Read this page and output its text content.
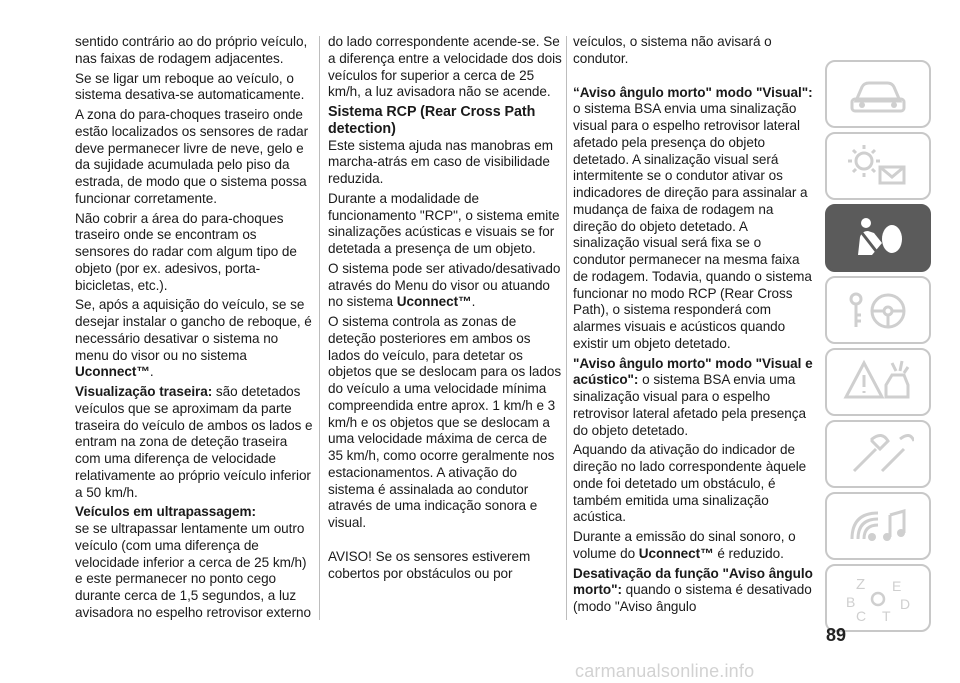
sentido contrário ao do próprio veículo, nas faixas de rodagem adjacentes.

Se se ligar um reboque ao veículo, o sistema desativa-se automaticamente.

A zona do para-choques traseiro onde estão localizados os sensores de radar deve permanecer livre de neve, gelo e da sujidade acumulada pelo piso da estrada, de modo que o sistema possa funcionar corretamente.

Não cobrir a área do para-choques traseiro onde se encontram os sensores do radar com algum tipo de objeto (por ex. adesivos, porta-bicicletas, etc.).

Se, após a aquisição do veículo, se se desejar instalar o gancho de reboque, é necessário desativar o sistema no menu do visor ou no sistema Uconnect™.

Visualização traseira: são detetados veículos que se aproximam da parte traseira do veículo de ambos os lados e entram na zona de deteção traseira com uma diferença de velocidade relativamente ao próprio veículo inferior a 50 km/h.

Veículos em ultrapassagem:
se se ultrapassar lentamente um outro veículo (com uma diferença de velocidade inferior a cerca de 25 km/h) e este permanecer no ponto cego durante cerca de 1,5 segundos, a luz avisadora no espelho retrovisor externo

do lado correspondente acende-se. Se a diferença entre a velocidade dos dois veículos for superior a cerca de 25 km/h, a luz avisadora não se acende.

Sistema RCP (Rear Cross Path detection)

Este sistema ajuda nas manobras em marcha-atrás em caso de visibilidade reduzida.

Durante a modalidade de funcionamento "RCP", o sistema emite sinalizações acústicas e visuais se for detetada a presença de um objeto.

O sistema pode ser ativado/desativado através do Menu do visor ou atuando no sistema Uconnect™.

O sistema controla as zonas de deteção posteriores em ambos os lados do veículo, para detetar os objetos que se deslocam para os lados do veículo a uma velocidade mínima compreendida entre aprox. 1 km/h e 3 km/h e os objetos que se deslocam a uma velocidade máxima de cerca de 35 km/h, como ocorre geralmente nos estacionamentos. A ativação do sistema é assinalada ao condutor através de uma indicação sonora e visual.

AVISO! Se os sensores estiverem cobertos por obstáculos ou por

veículos, o sistema não avisará o condutor.

“Aviso ângulo morto" modo "Visual": o sistema BSA envia uma sinalização visual para o espelho retrovisor lateral afetado pela presença do objeto detetado. A sinalização visual será intermitente se o condutor ativar os indicadores de direção para assinalar a mudança de faixa de rodagem na direção do objeto detetado. A sinalização visual será fixa se o condutor permanecer na mesma faixa de rodagem. Todavia, quando o sistema funcionar no modo RCP (Rear Cross Path), o sistema responderá com alarmes visuais e acústicos quando existir um objeto detetado.

"Aviso ângulo morto" modo "Visual e acústico": o sistema BSA envia uma sinalização visual para o espelho retrovisor lateral afetado pela presença do objeto detetado.

Aquando da ativação do indicador de direção no lado correspondente àquele onde foi detetado um obstáculo, é também emitida uma sinalização acústica.

Durante a emissão do sinal sonoro, o volume do Uconnect™ é reduzido.

Desativação da função "Aviso ângulo morto": quando o sistema é desativado (modo "Aviso ângulo

Z E
B	D
C T
89
carmanualsonline.info
